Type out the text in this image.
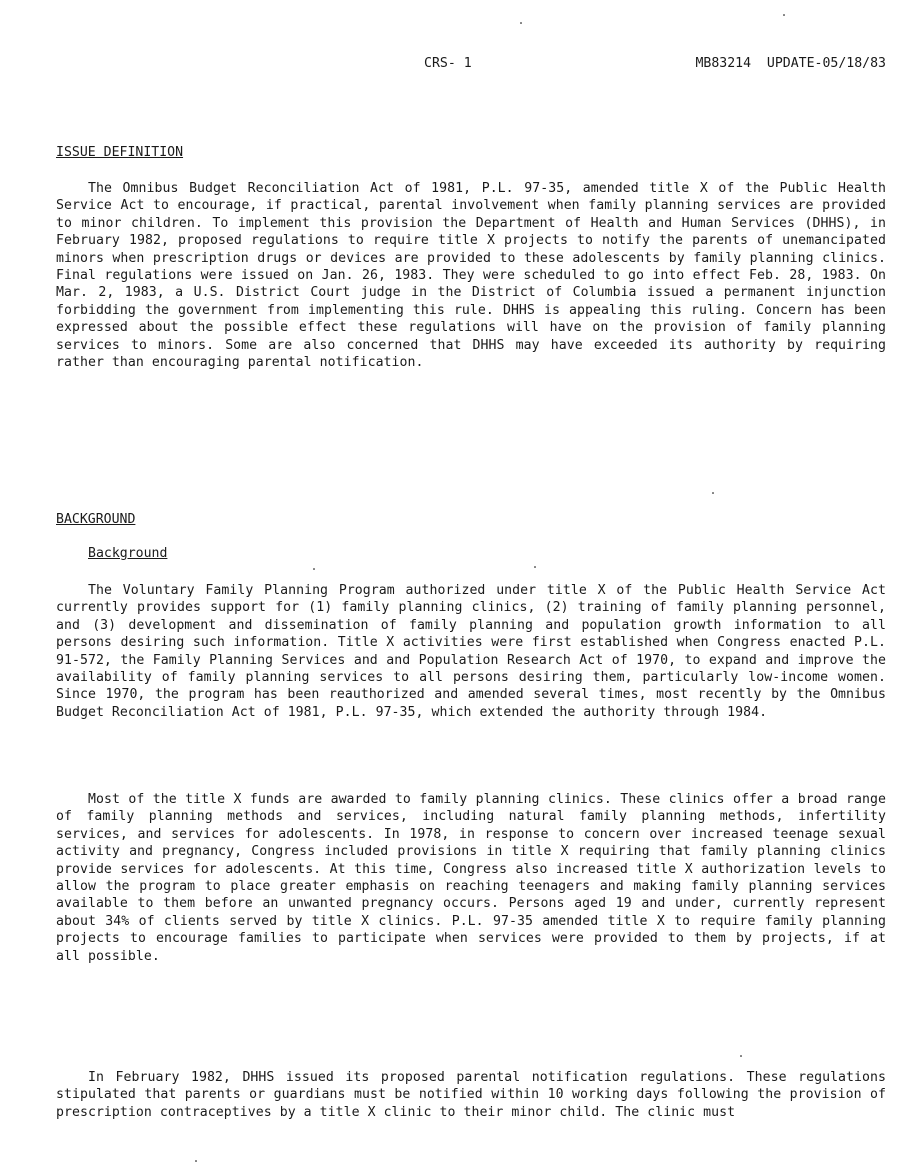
CRS- 1	MB83214  UPDATE-05/18/83
ISSUE DEFINITION

The Omnibus Budget Reconciliation Act of 1981, P.L. 97-35, amended title X of the Public Health Service Act to encourage, if practical, parental involvement when family planning services are provided to minor children. To implement this provision the Department of Health and Human Services (DHHS), in February 1982, proposed regulations to require title X projects to notify the parents of unemancipated minors when prescription drugs or devices are provided to these adolescents by family planning clinics. Final regulations were issued on Jan. 26, 1983. They were scheduled to go into effect Feb. 28, 1983. On Mar. 2, 1983, a U.S. District Court judge in the District of Columbia issued a permanent injunction forbidding the government from implementing this rule. DHHS is appealing this ruling. Concern has been expressed about the possible effect these regulations will have on the provision of family planning services to minors. Some are also concerned that DHHS may have exceeded its authority by requiring rather than encouraging parental notification.

BACKGROUND
Background

The Voluntary Family Planning Program authorized under title X of the Public Health Service Act currently provides support for (1) family planning clinics, (2) training of family planning personnel, and (3) development and dissemination of family planning and population growth information to all persons desiring such information. Title X activities were first established when Congress enacted P.L. 91-572, the Family Planning Services and and Population Research Act of 1970, to expand and improve the availability of family planning services to all persons desiring them, particularly low-income women. Since 1970, the program has been reauthorized and amended several times, most recently by the Omnibus Budget Reconciliation Act of 1981, P.L. 97-35, which extended the authority through 1984.

Most of the title X funds are awarded to family planning clinics. These clinics offer a broad range of family planning methods and services, including natural family planning methods, infertility services, and services for adolescents. In 1978, in response to concern over increased teenage sexual activity and pregnancy, Congress included provisions in title X requiring that family planning clinics provide services for adolescents. At this time, Congress also increased title X authorization levels to allow the program to place greater emphasis on reaching teenagers and making family planning services available to them before an unwanted pregnancy occurs. Persons aged 19 and under, currently represent about 34% of clients served by title X clinics. P.L. 97-35 amended title X to require family planning projects to encourage families to participate when services were provided to them by projects, if at all possible.

In February 1982, DHHS issued its proposed parental notification regulations. These regulations stipulated that parents or guardians must be notified within 10 working days following the provision of prescription contraceptives by a title X clinic to their minor child. The clinic must
